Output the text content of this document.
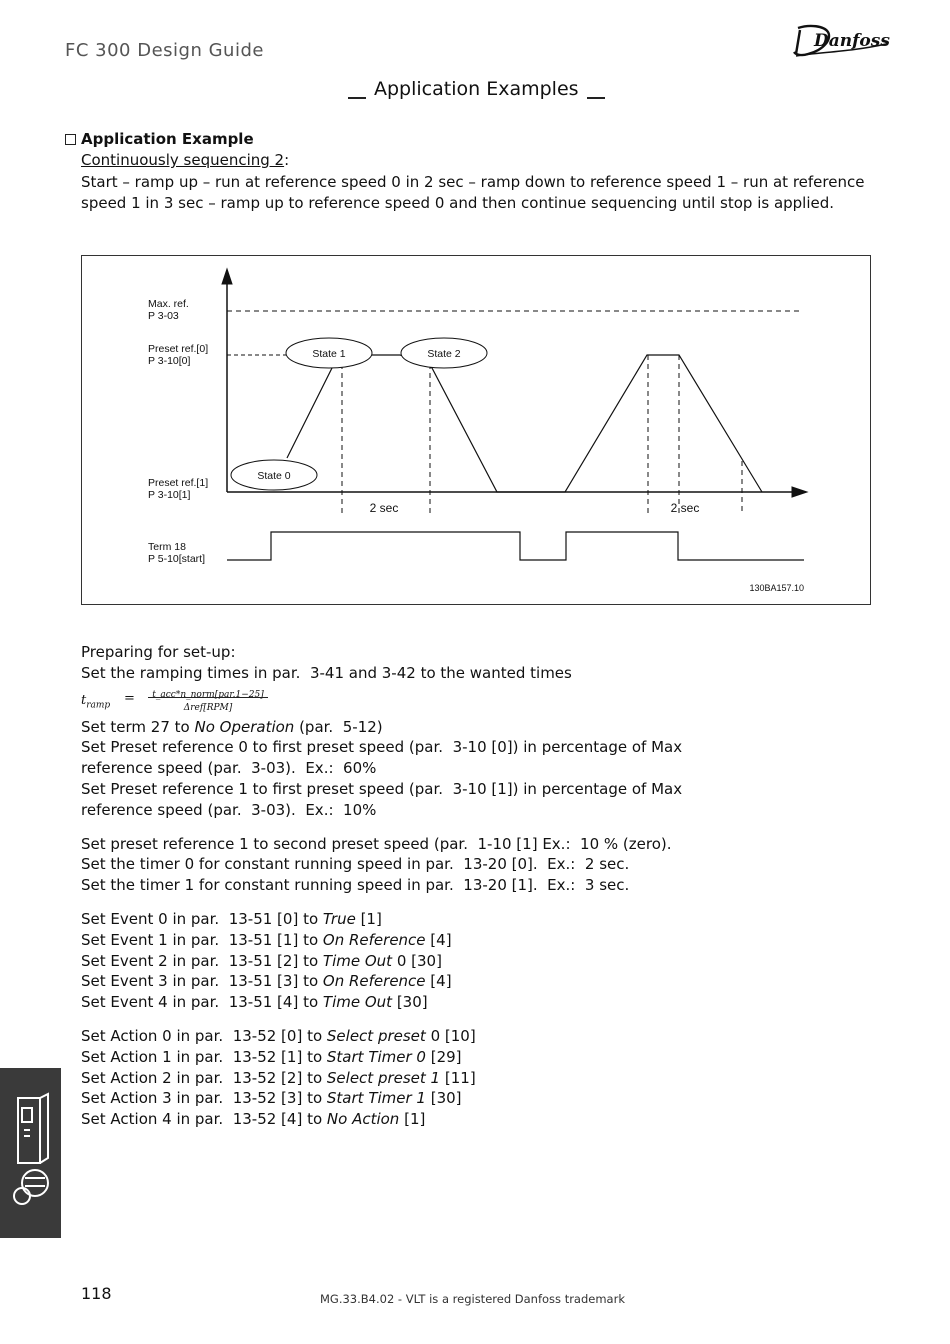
FC 300 Design Guide	Danfoss
Application Examples
Application Example
Continuously sequencing 2:
Start – ramp up – run at reference speed 0 in 2 sec – ramp down to reference speed 1 – run at reference speed 1 in 3 sec – ramp up to reference speed 0 and then continue sequencing until stop is applied.
Max. ref.
P 3-03
Preset ref.[0]
P 3-10[0]
Preset ref.[1]
P 3-10[1]
Term 18
P 5-10[start]
State 0
State 1	State 2
2 sec	2 sec
130BA157.10
Preparing for set-up:
Set the ramping times in par.  3-41 and 3-42 to the wanted times
$t_{ramp}$ =	t_acc*n_norm[par.1−25]
Δref[RPM]
Set term 27 to No Operation (par.  5-12)
Set Preset reference 0 to first preset speed (par.  3-10 [0]) in percentage of Max
reference speed (par.  3-03).  Ex.:  60%
Set Preset reference 1 to first preset speed (par.  3-10 [1]) in percentage of Max
reference speed (par.  3-03).  Ex.:  10%
Set preset reference 1 to second preset speed (par.  1-10 [1] Ex.:  10 % (zero).
Set the timer 0 for constant running speed in par.  13-20 [0].  Ex.:  2 sec.
Set the timer 1 for constant running speed in par.  13-20 [1].  Ex.:  3 sec.
Set Event 0 in par.  13-51 [0] to True [1]
Set Event 1 in par.  13-51 [1] to On Reference [4]
Set Event 2 in par.  13-51 [2] to Time Out 0 [30]
Set Event 3 in par.  13-51 [3] to On Reference [4]
Set Event 4 in par.  13-51 [4] to Time Out [30]
Set Action 0 in par.  13-52 [0] to Select preset 0 [10]
Set Action 1 in par.  13-52 [1] to Start Timer 0 [29]
Set Action 2 in par.  13-52 [2] to Select preset 1 [11]
Set Action 3 in par.  13-52 [3] to Start Timer 1 [30]
Set Action 4 in par.  13-52 [4] to No Action [1]
118	MG.33.B4.02 - VLT is a registered Danfoss trademark
